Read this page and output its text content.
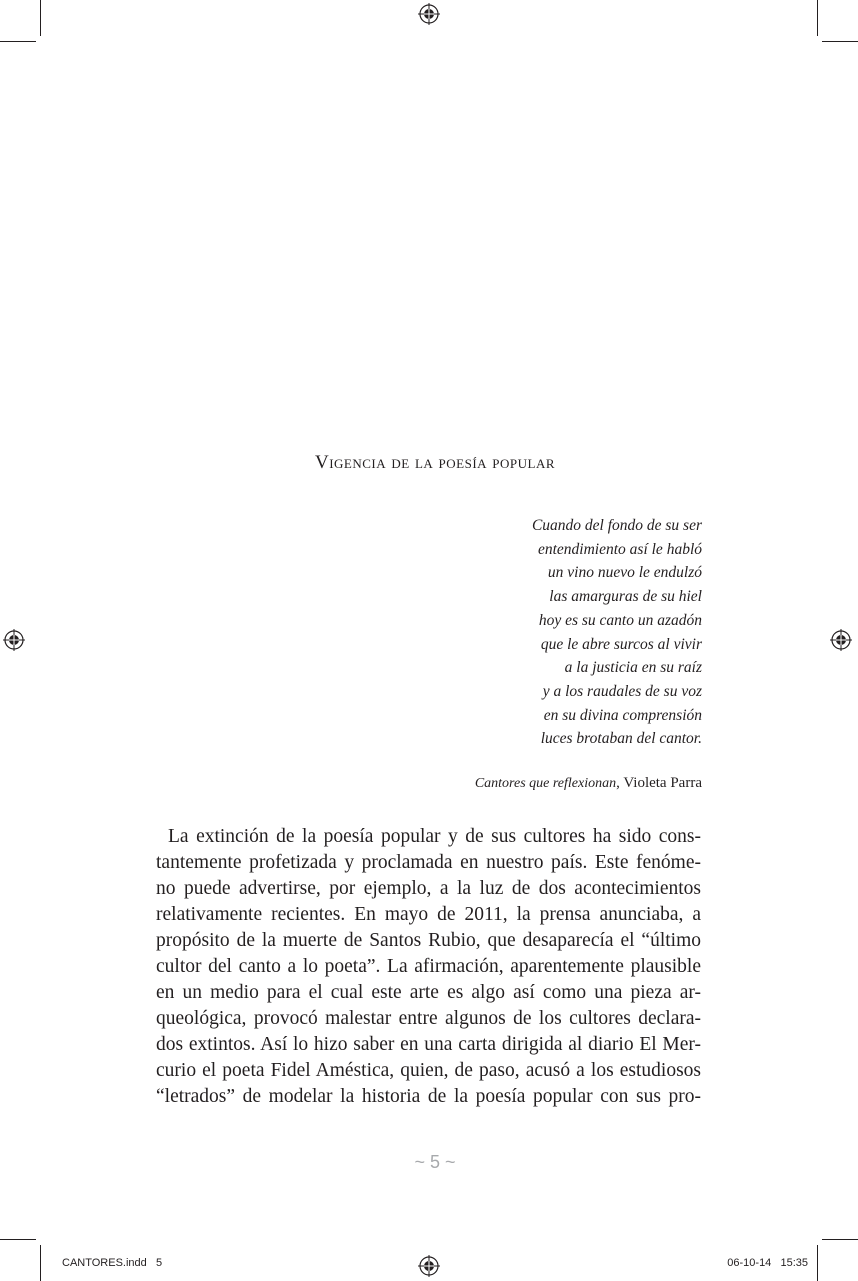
Vigencia de la poesía popular
Cuando del fondo de su ser
entendimiento así le habló
un vino nuevo le endulzó
las amarguras de su hiel
hoy es su canto un azadón
que le abre surcos al vivir
a la justicia en su raíz
y a los raudales de su voz
en su divina comprensión
luces brotaban del cantor.
Cantores que reflexionan, Violeta Parra
La extinción de la poesía popular y de sus cultores ha sido cons-
tantemente profetizada y proclamada en nuestro país. Este fenóme-
no puede advertirse, por ejemplo, a la luz de dos acontecimientos
relativamente recientes. En mayo de 2011, la prensa anunciaba, a
propósito de la muerte de Santos Rubio, que desaparecía el “último
cultor del canto a lo poeta”. La afirmación, aparentemente plausible
en un medio para el cual este arte es algo así como una pieza ar-
queológica, provocó malestar entre algunos de los cultores declara-
dos extintos. Así lo hizo saber en una carta dirigida al diario El Mer-
curio el poeta Fidel Améstica, quien, de paso, acusó a los estudiosos
“letrados” de modelar la historia de la poesía popular con sus pro-
~ 5 ~
CANTORES.indd   5	06-10-14   15:35
